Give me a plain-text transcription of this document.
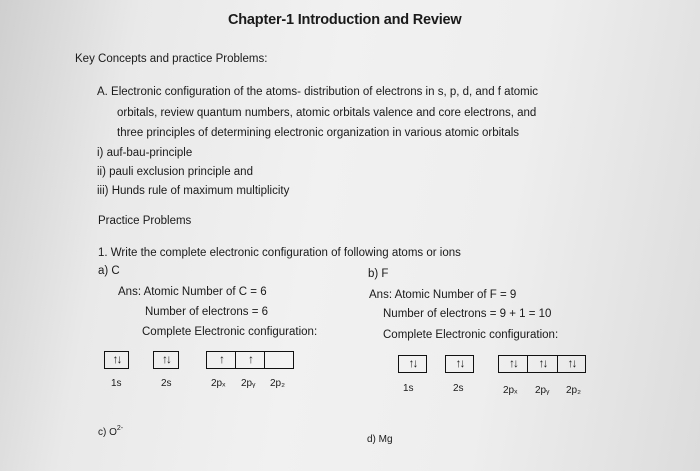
Chapter-1 Introduction and Review
Key Concepts and practice Problems:
A. Electronic configuration of the atoms- distribution of electrons in s, p, d, and f atomic
orbitals, review quantum numbers, atomic orbitals valence and core electrons, and
three principles of determining electronic organization in various atomic orbitals
i) auf-bau-principle
ii) pauli exclusion principle and
iii) Hunds rule of maximum multiplicity
Practice Problems
1. Write the complete electronic configuration of following atoms or ions
a) C
Ans: Atomic Number of C = 6
Number of electrons = 6
Complete Electronic configuration:
↑↓	↑↓	↑	↑
1s	2s	2pₓ 2pᵧ 2p₂
b) F
Ans: Atomic Number of F = 9
Number of electrons = 9 + 1 = 10
Complete Electronic configuration:
↑↓	↑↓	↑↓	↑↓	↑↓
1s	2s	2pₓ 2pᵧ 2p₂
c) $O^{2-}$
d) Mg
